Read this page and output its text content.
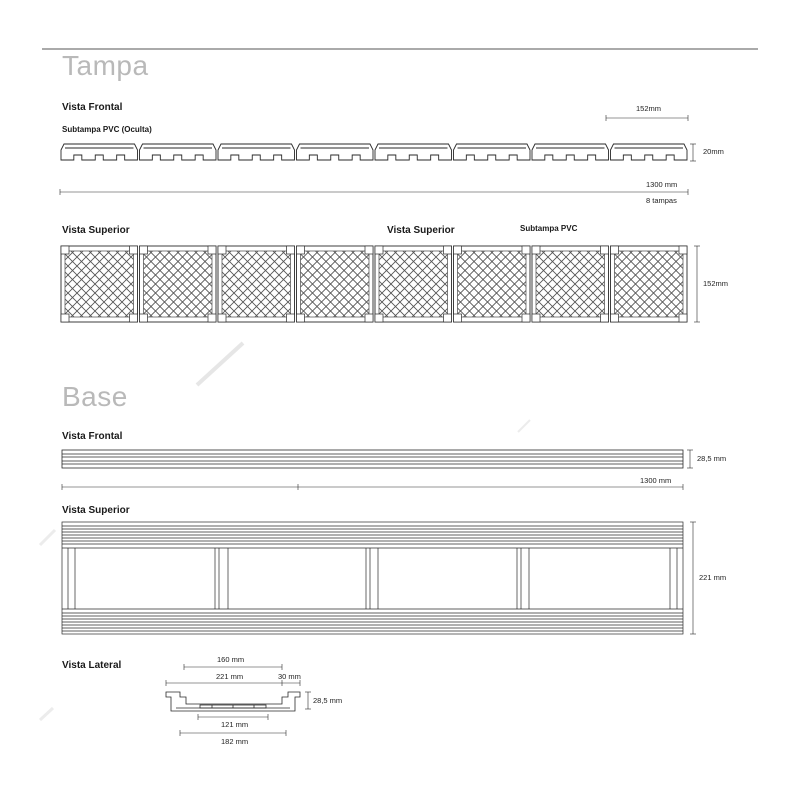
Tampa
Vista Frontal
Subtampa PVC (Oculta)
152mm
20mm
1300 mm
8 tampas
Vista Superior	Vista Superior	Subtampa PVC
152mm
Base
Vista Frontal
28,5 mm
1300 mm
Vista Superior
221 mm
Vista Lateral
160 mm
221 mm	30 mm
28,5 mm
121 mm
182 mm
